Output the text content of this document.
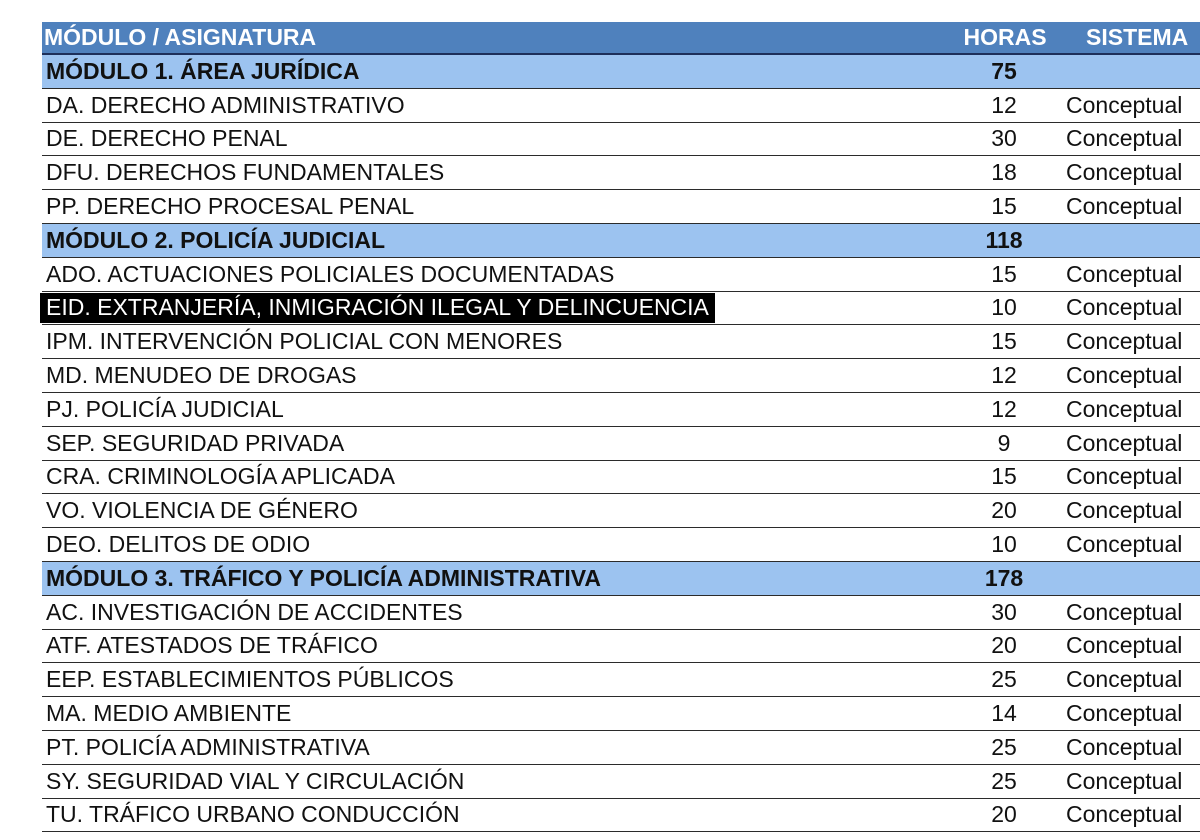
MÓDULO / ASIGNATURA	HORAS SISTEMA
MÓDULO 1. ÁREA JURÍDICA	75
DA. DERECHO ADMINISTRATIVO	12	Conceptual
DE. DERECHO PENAL	30	Conceptual
DFU. DERECHOS FUNDAMENTALES	18	Conceptual
PP. DERECHO PROCESAL PENAL	15	Conceptual
MÓDULO 2. POLICÍA JUDICIAL	118
ADO. ACTUACIONES POLICIALES DOCUMENTADAS	15	Conceptual
EID. EXTRANJERÍA, INMIGRACIÓN ILEGAL Y DELINCUENCIA	10	Conceptual
IPM. INTERVENCIÓN POLICIAL CON MENORES	15	Conceptual
MD. MENUDEO DE DROGAS	12	Conceptual
PJ. POLICÍA JUDICIAL	12	Conceptual
SEP. SEGURIDAD PRIVADA	9	Conceptual
CRA. CRIMINOLOGÍA APLICADA	15	Conceptual
VO. VIOLENCIA DE GÉNERO	20	Conceptual
DEO. DELITOS DE ODIO	10	Conceptual
MÓDULO 3. TRÁFICO Y POLICÍA ADMINISTRATIVA	178
AC. INVESTIGACIÓN DE ACCIDENTES	30	Conceptual
ATF. ATESTADOS DE TRÁFICO	20	Conceptual
EEP. ESTABLECIMIENTOS PÚBLICOS	25	Conceptual
MA. MEDIO AMBIENTE	14	Conceptual
PT. POLICÍA ADMINISTRATIVA	25	Conceptual
SY. SEGURIDAD VIAL Y CIRCULACIÓN	25	Conceptual
TU. TRÁFICO URBANO CONDUCCIÓN	20	Conceptual
